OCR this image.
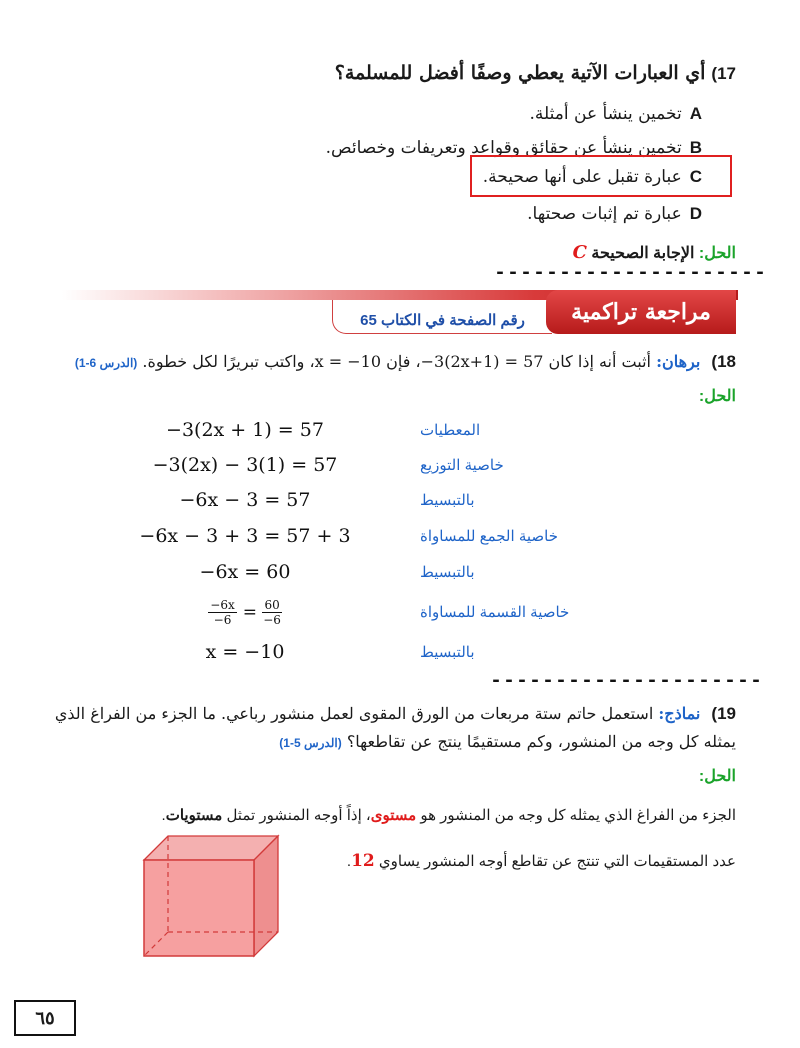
17)أي العبارات الآتية يعطي وصفًا أفضل للمسلمة؟
Aتخمين ينشأ عن أمثلة.
Bتخمين ينشأ عن حقائق وقواعد وتعريفات وخصائص.
Cعبارة تقبل على أنها صحيحة.
Dعبارة تم إثبات صحتها.
الحل: الإجابة الصحيحة C
---------------------
رقم الصفحة في الكتاب 65	مراجعة تراكمية
18) برهان: أثبت أنه إذا كان 57 = (2x+1)3−، فإن x = −10، واكتب تبريرًا لكل خطوة. (الدرس 6-1)
الحل:
−3(2x + 1) = 57	المعطيات
−3(2x) − 3(1) = 57	خاصية التوزيع
−6x − 3 = 57	بالتبسيط
−6x − 3 + 3 = 57 + 3	خاصية الجمع للمساواة
−6x = 60	بالتبسيط
$\frac{-6x}{-6} = \frac{60}{-6}$	خاصية القسمة للمساواة
x = −10	بالتبسيط
---------------------
19) نماذج: استعمل حاتم ستة مربعات من الورق المقوى لعمل منشور رباعي. ما الجزء من الفراغ الذي
يمثله كل وجه من المنشور، وكم مستقيمًا ينتج عن تقاطعها؟ (الدرس 5-1)
الحل:
الجزء من الفراغ الذي يمثله كل وجه من المنشور هو مستوى، إذاً أوجه المنشور تمثل مستويات.
عدد المستقيمات التي تنتج عن تقاطع أوجه المنشور يساوي 12.
٦٥
